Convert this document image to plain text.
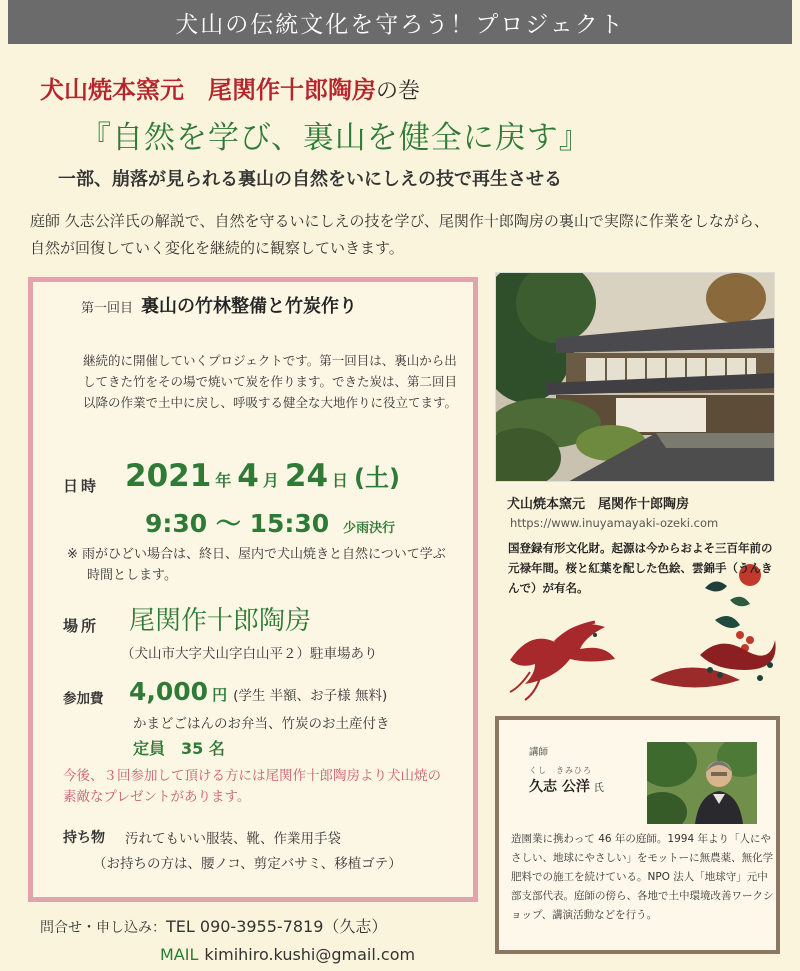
犬山の伝統文化を守ろう！プロジェクト
犬山焼本窯元　尾関作十郎陶房の巻
『自然を学び、裏山を健全に戻す』
一部、崩落が見られる裏山の自然をいにしえの技で再生させる
庭師 久志公洋氏の解説で、自然を守るいにしえの技を学び、尾関作十郎陶房の裏山で実際に作業をしながら、自然が回復していく変化を継続的に観察していきます。
第一回目 裏山の竹林整備と竹炭作り
継続的に開催していくプロジェクトです。第一回目は、裏山から出してきた竹をその場で焼いて炭を作ります。できた炭は、第二回目以降の作業で土中に戻し、呼吸する健全な大地作りに役立てます。
日時 2021 年 4 月 24 日 (土)
9:30 ～ 15:30 少雨決行
※ 雨がひどい場合は、終日、屋内で犬山焼きと自然について学ぶ時間とします。
場所 尾関作十郎陶房
（犬山市大字犬山字白山平２）駐車場あり
参加費 4,000 円 (学生 半額、お子様 無料)
かまどごはんのお弁当、竹炭のお土産付き
定員　35 名
今後、３回参加して頂ける方には尾関作十郎陶房より犬山焼の素敵なプレゼントがあります。
持ち物 汚れてもいい服装、靴、作業用手袋
（お持ちの方は、腰ノコ、剪定バサミ、移植ゴテ）
問合せ・申し込み：TEL 090-3955-7819（久志）
MAIL kimihiro.kushi@gmail.com
犬山焼本窯元　尾関作十郎陶房
https://www.inuyamayaki-ozeki.com
国登録有形文化財。起源は今からおよそ三百年前の元禄年間。桜と紅葉を配した色絵、雲錦手（うんきんで）が有名。
講師
くし　きみひろ
久志 公洋 氏
造園業に携わって 46 年の庭師。1994 年より「人にやさしい、地球にやさしい」をモットーに無農薬、無化学肥料での施工を続けている。NPO 法人「地球守」元中部支部代表。庭師の傍ら、各地で土中環境改善ワークショップ、講演活動などを行う。
